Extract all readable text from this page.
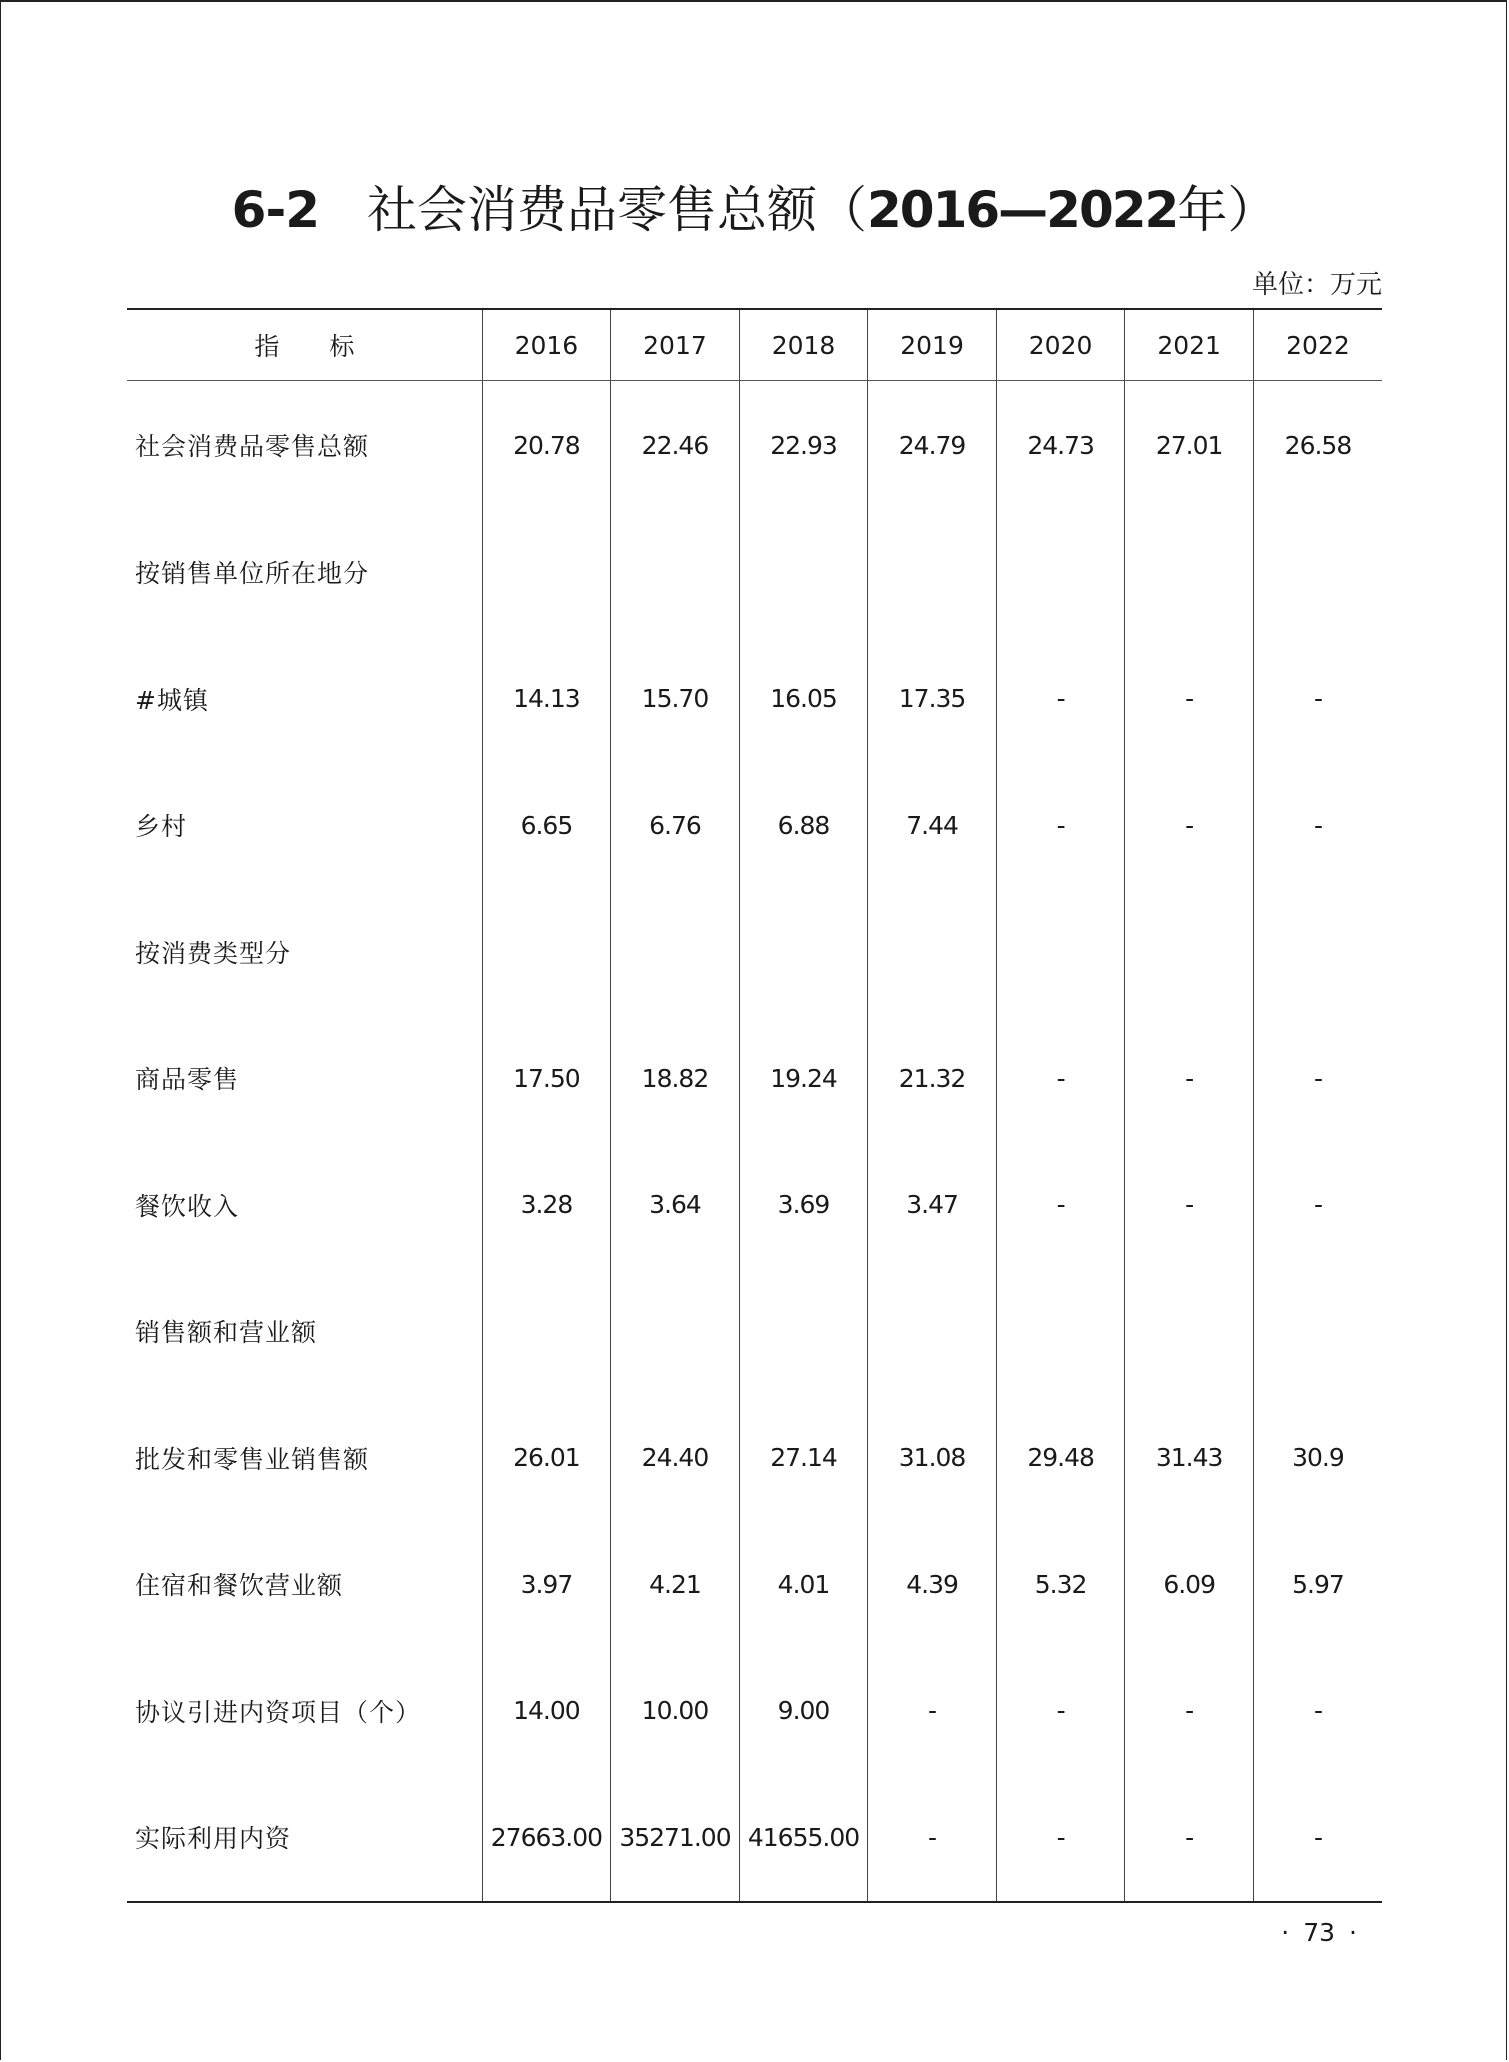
6-2 社会消费品零售总额（2016—2022年）
单位：万元
指　　标	2016	2017	2018	2019	2020	2021	2022
社会消费品零售总额	20.78	22.46	22.93	24.79	24.73	27.01	26.58
按销售单位所在地分							
#城镇	14.13	15.70	16.05	17.35	-	-	-
乡村	6.65	6.76	6.88	7.44	-	-	-
按消费类型分							
商品零售	17.50	18.82	19.24	21.32	-	-	-
餐饮收入	3.28	3.64	3.69	3.47	-	-	-
销售额和营业额							
批发和零售业销售额	26.01	24.40	27.14	31.08	29.48	31.43	30.9
住宿和餐饮营业额	3.97	4.21	4.01	4.39	5.32	6.09	5.97
协议引进内资项目（个）	14.00	10.00	9.00	-	-	-	-
实际利用内资	27663.00	35271.00	41655.00	-	-	-	-
· 73 ·
